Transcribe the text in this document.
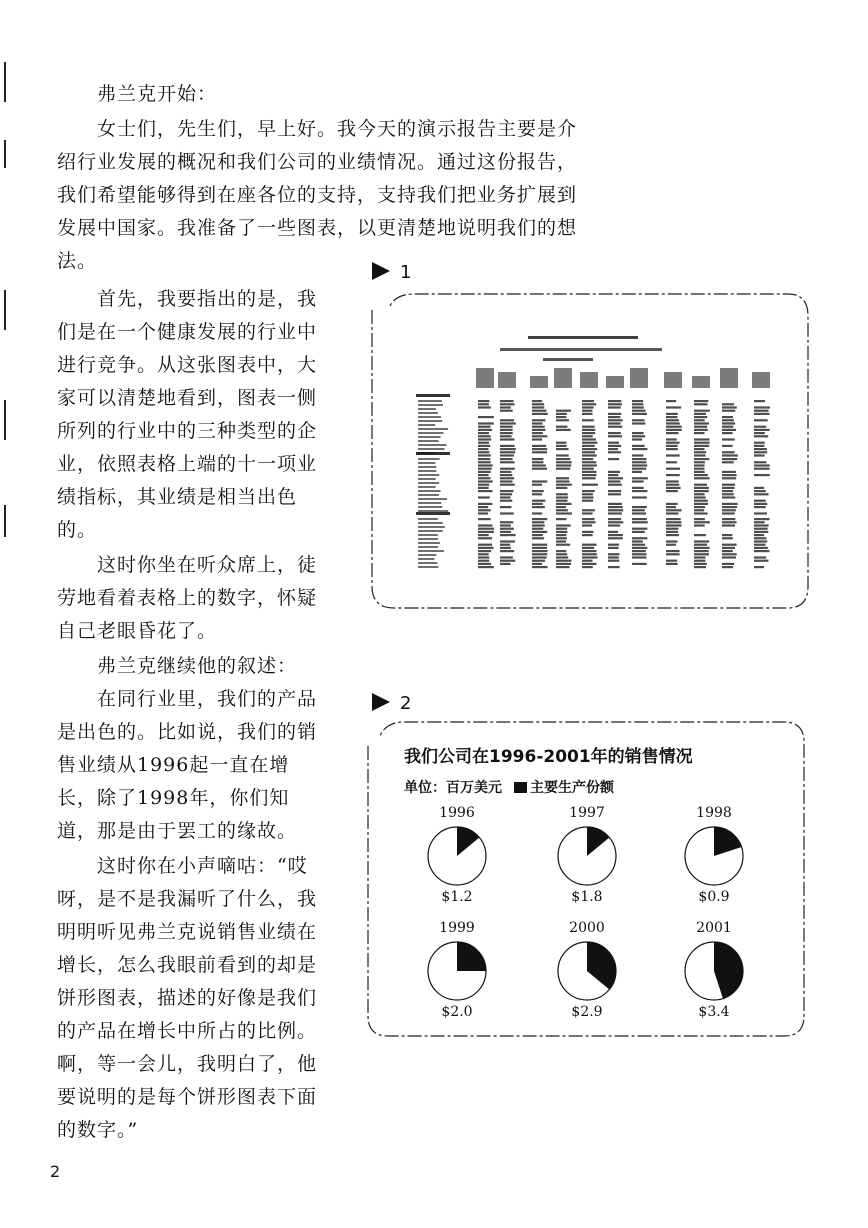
弗兰克开始：

女士们，先生们，早上好。我今天的演示报告主要是介绍行业发展的概况和我们公司的业绩情况。通过这份报告，我们希望能够得到在座各位的支持，支持我们把业务扩展到发展中国家。我准备了一些图表，以更清楚地说明我们的想法。

首先，我要指出的是，我们是在一个健康发展的行业中进行竞争。从这张图表中，大家可以清楚地看到，图表一侧所列的行业中的三种类型的企业，依照表格上端的十一项业绩指标，其业绩是相当出色的。

这时你坐在听众席上，徒劳地看着表格上的数字，怀疑自己老眼昏花了。

弗兰克继续他的叙述：

在同行业里，我们的产品是出色的。比如说，我们的销售业绩从1996起一直在增长，除了1998年，你们知道，那是由于罢工的缘故。

这时你在小声嘀咕：“哎呀，是不是我漏听了什么，我明明听见弗兰克说销售业绩在增长，怎么我眼前看到的却是饼形图表，描述的好像是我们的产品在增长中所占的比例。啊，等一会儿，我明白了，他要说明的是每个饼形图表下面的数字。”

1
2
我们公司在1996-2001年的销售情况
单位：百万美元 主要生产份额
1996
$1.2
1997
$1.8
1998
$0.9
1999
$2.0
2000
$2.9
2001
$3.4
2
